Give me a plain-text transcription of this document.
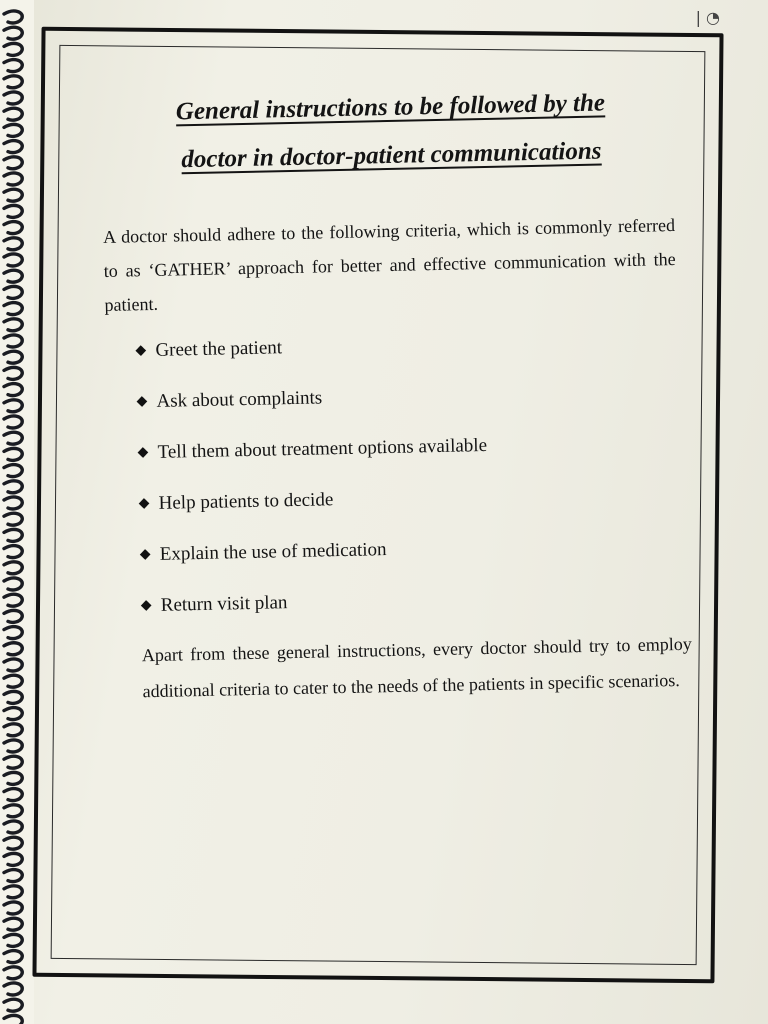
| ◔

General instructions to be followed by the

doctor in doctor-patient communications

A doctor should adhere to the following criteria, which is commonly referred to as ‘GATHER’ approach for better and effective communication with the patient.
◆ Greet the patient
◆ Ask about complaints
◆ Tell them about treatment options available
◆ Help patients to decide
◆ Explain the use of medication
◆ Return visit plan
Apart from these general instructions, every doctor should try to employ additional criteria to cater to the needs of the patients in specific scenarios.
